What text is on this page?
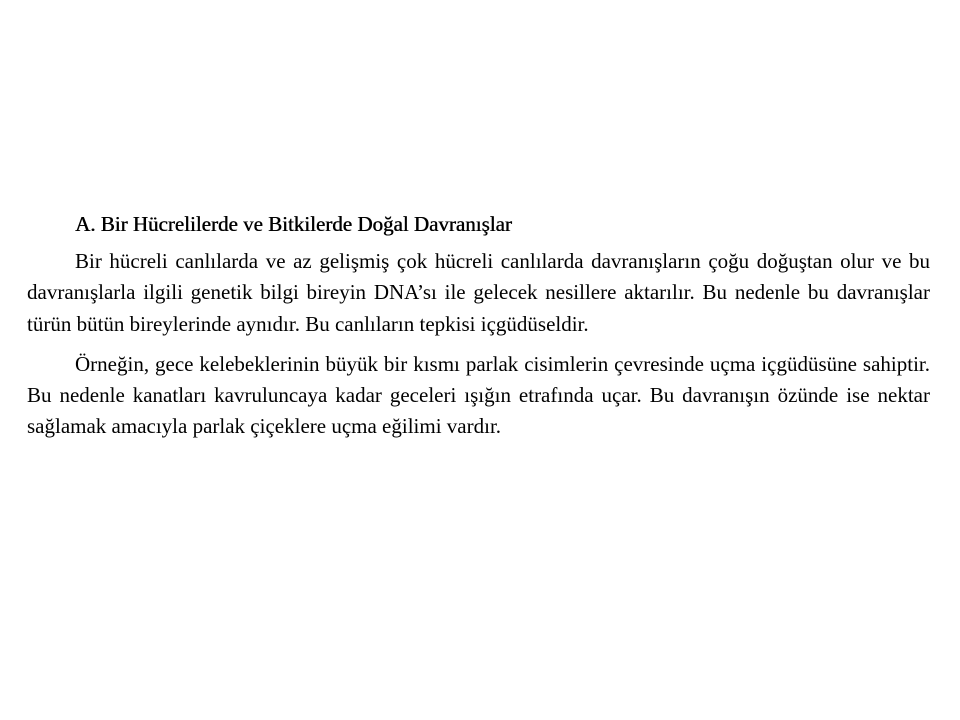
A. Bir Hücrelilerde ve Bitkilerde Doğal Davranışlar

Bir hücreli canlılarda ve az gelişmiş çok hücreli canlılarda davranışların çoğu doğuştan olur ve bu davranışlarla ilgili genetik bilgi bireyin DNA’sı ile gelecek nesillere aktarılır. Bu nedenle bu davranışlar türün bütün bireylerinde aynıdır. Bu canlıların tepkisi içgüdüseldir.

Örneğin, gece kelebeklerinin büyük bir kısmı parlak cisimlerin çevresinde uçma içgüdüsüne sahiptir. Bu nedenle kanatları kavruluncaya kadar geceleri ışığın etrafında uçar. Bu davranışın özünde ise nektar sağlamak amacıyla parlak çiçeklere uçma eğilimi vardır.
